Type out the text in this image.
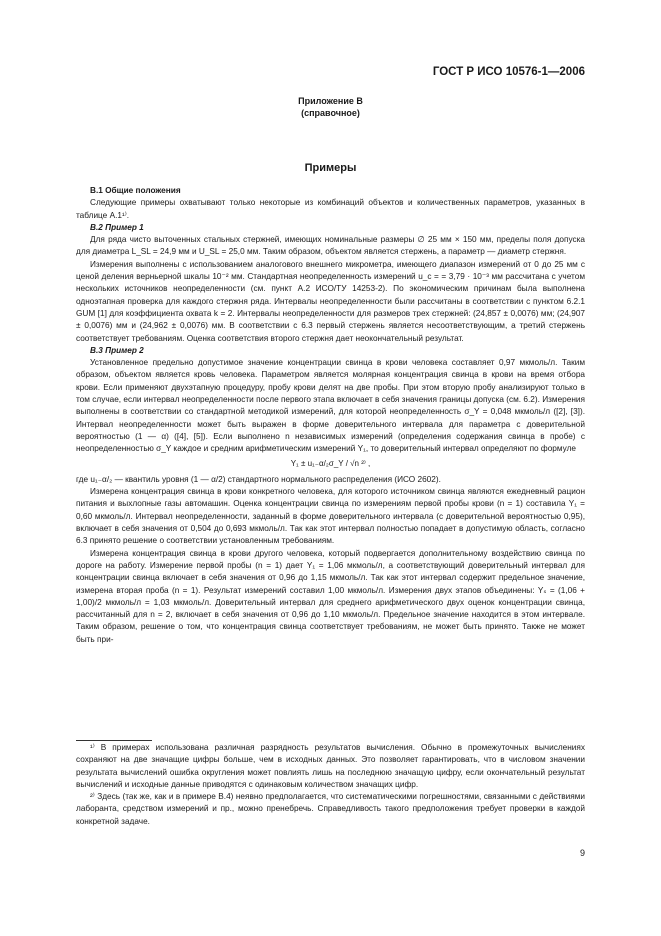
ГОСТ Р ИСО 10576-1—2006
Приложение B
(справочное)
Примеры

B.1 Общие положения

Следующие примеры охватывают только некоторые из комбинаций объектов и количественных параметров, указанных в таблице A.1¹⁾.

B.2 Пример 1

Для ряда чисто выточенных стальных стержней, имеющих номинальные размеры ∅ 25 мм × 150 мм, пределы поля допуска для диаметра L_SL = 24,9 мм и U_SL = 25,0 мм. Таким образом, объектом является стержень, а параметр — диаметр стержня.

Измерения выполнены с использованием аналогового внешнего микрометра, имеющего диапазон измерений от 0 до 25 мм с ценой деления верньерной шкалы 10⁻² мм. Стандартная неопределенность измерений u_c = = 3,79 · 10⁻³ мм рассчитана с учетом нескольких источников неопределенности (см. пункт A.2 ИСО/ТУ 14253-2). По экономическим причинам была выполнена одноэтапная проверка для каждого стержня ряда. Интервалы неопределенности были рассчитаны в соответствии с пунктом 6.2.1 GUM [1] для коэффициента охвата k = 2. Интервалы неопределенности для размеров трех стержней: (24,857 ± 0,0076) мм; (24,907 ± 0,0076) мм и (24,962 ± 0,0076) мм. В соответствии с 6.3 первый стержень является несоответствующим, а третий стержень соответствует требованиям. Оценка соответствия второго стержня дает неокончательный результат.

B.3 Пример 2

Установленное предельно допустимое значение концентрации свинца в крови человека составляет 0,97 мкмоль/л. Таким образом, объектом является кровь человека. Параметром является молярная концентрация свинца в крови на время отбора крови. Если применяют двухэтапную процедуру, пробу крови делят на две пробы. При этом вторую пробу анализируют только в том случае, если интервал неопределенности после первого этапа включает в себя значения границы допуска (см. 6.2). Измерения выполнены в соответствии со стандартной методикой измерений, для которой неопределенность σ_Y = 0,048 мкмоль/л ([2], [3]). Интервал неопределенности может быть выражен в форме доверительного интервала для параметра с доверительной вероятностью (1 — α) ([4], [5]). Если выполнено n независимых измерений (определения содержания свинца в пробе) с неопределенностью σ_Y каждое и средним арифметическим измерений Y₁, то доверительный интервал определяют по формуле

Y₁ ± u₁₋α/₂σ_Y / √n ²⁾ ,

где u₁₋α/₂ — квантиль уровня (1 — α/2) стандартного нормального распределения (ИСО 2602).

Измерена концентрация свинца в крови конкретного человека, для которого источником свинца являются ежедневный рацион питания и выхлопные газы автомашин. Оценка концентрации свинца по измерениям первой пробы крови (n = 1) составила Y₁ = 0,60 мкмоль/л. Интервал неопределенности, заданный в форме доверительного интервала (с доверительной вероятностью 0,95), включает в себя значения от 0,504 до 0,693 мкмоль/л. Так как этот интервал полностью попадает в допустимую область, согласно 6.3 принято решение о соответствии установленным требованиям.

Измерена концентрация свинца в крови другого человека, который подвергается дополнительному воздействию свинца по дороге на работу. Измерение первой пробы (n = 1) дает Y₁ = 1,06 мкмоль/л, а соответствующий доверительный интервал для концентрации свинца включает в себя значения от 0,96 до 1,15 мкмоль/л. Так как этот интервал содержит предельное значение, измерена вторая проба (n = 1). Результат измерений составил 1,00 мкмоль/л. Измерения двух этапов объединены: Yₛ = (1,06 + 1,00)/2 мкмоль/л = 1,03 мкмоль/л. Доверительный интервал для среднего арифметического двух оценок концентрации свинца, рассчитанный для n = 2, включает в себя значения от 0,96 до 1,10 мкмоль/л. Предельное значение находится в этом интервале. Таким образом, решение о том, что концентрация свинца соответствует требованиям, не может быть принято. Также не может быть при-

¹⁾ В примерах использована различная разрядность результатов вычисления. Обычно в промежуточных вычислениях сохраняют на две значащие цифры больше, чем в исходных данных. Это позволяет гарантировать, что в числовом значении результата вычислений ошибка округления может повлиять лишь на последнюю значащую цифру, если окончательный результат вычислений и исходные данные приводятся с одинаковым количеством значащих цифр.

²⁾ Здесь (так же, как и в примере B.4) неявно предполагается, что систематическими погрешностями, связанными с действиями лаборанта, средством измерений и пр., можно пренебречь. Справедливость такого предположения требует проверки в каждой конкретной задаче.

9
